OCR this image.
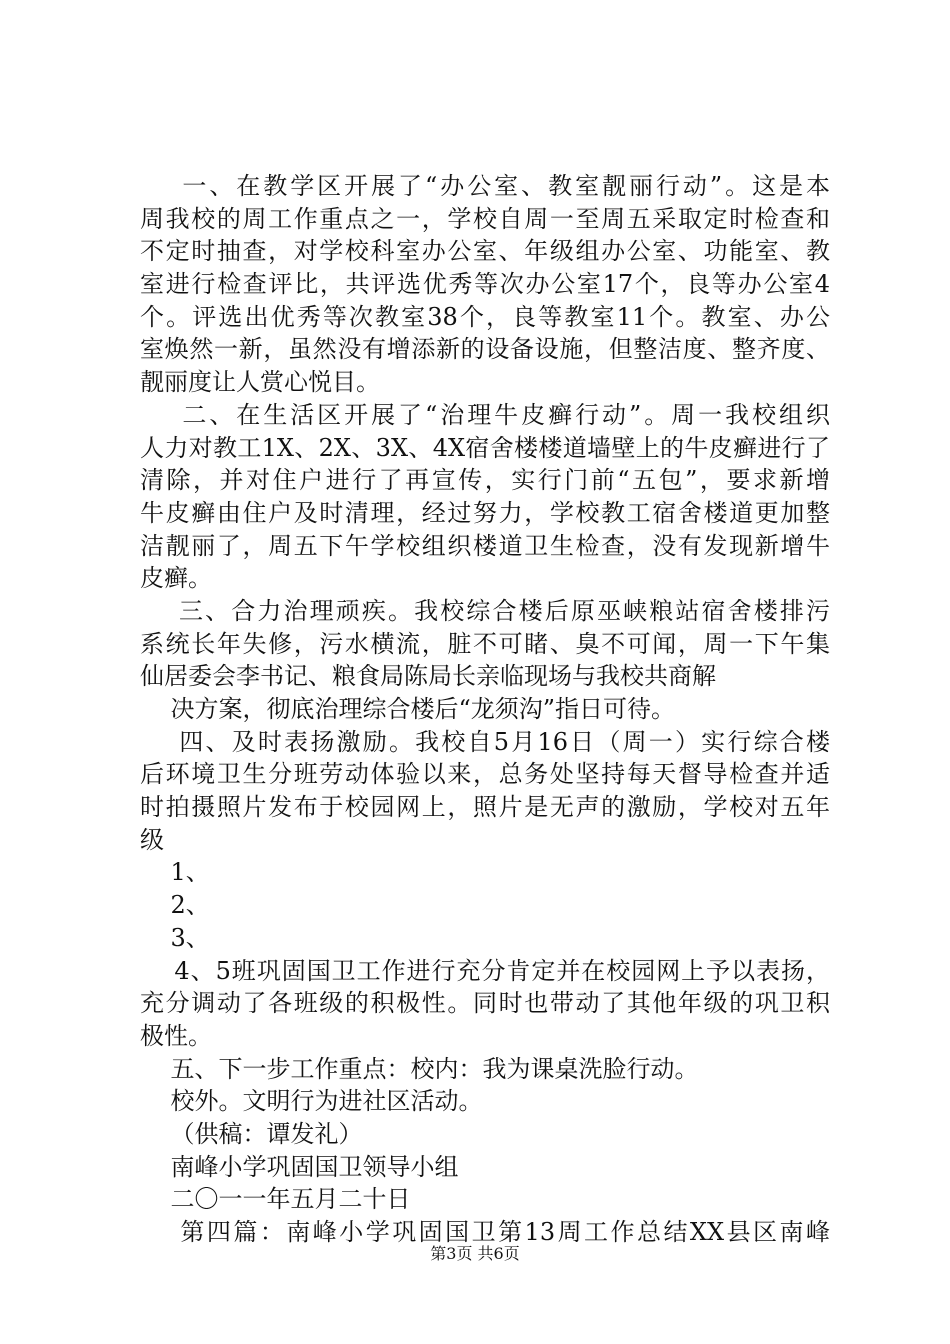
一、在教学区开展了“办公室、教室靓丽行动”。这是本
周我校的周工作重点之一，学校自周一至周五采取定时检查和
不定时抽查，对学校科室办公室、年级组办公室、功能室、教
室进行检查评比，共评选优秀等次办公室17个，良等办公室4
个。评选出优秀等次教室38个，良等教室11个。教室、办公
室焕然一新，虽然没有增添新的设备设施，但整洁度、整齐度、
靓丽度让人赏心悦目。
二、在生活区开展了“治理牛皮癣行动”。周一我校组织
人力对教工1X、2X、3X、4X宿舍楼楼道墙壁上的牛皮癣进行了
清除，并对住户进行了再宣传，实行门前“五包”，要求新增
牛皮癣由住户及时清理，经过努力，学校教工宿舍楼道更加整
洁靓丽了，周五下午学校组织楼道卫生检查，没有发现新增牛
皮癣。
三、合力治理顽疾。我校综合楼后原巫峡粮站宿舍楼排污
系统长年失修，污水横流，脏不可睹、臭不可闻，周一下午集
仙居委会李书记、粮食局陈局长亲临现场与我校共商解
决方案，彻底治理综合楼后“龙须沟”指日可待。
四、及时表扬激励。我校自5月16日（周一）实行综合楼
后环境卫生分班劳动体验以来，总务处坚持每天督导检查并适
时拍摄照片发布于校园网上，照片是无声的激励，学校对五年
级
1、
2、
3、
4、5班巩固国卫工作进行充分肯定并在校园网上予以表扬，
充分调动了各班级的积极性。同时也带动了其他年级的巩卫积
极性。
五、下一步工作重点：校内：我为课桌洗脸行动。
校外。文明行为进社区活动。
（供稿：谭发礼）
南峰小学巩固国卫领导小组
二〇一一年五月二十日
第四篇：南峰小学巩固国卫第13周工作总结XX县区南峰
第3页 共6页
